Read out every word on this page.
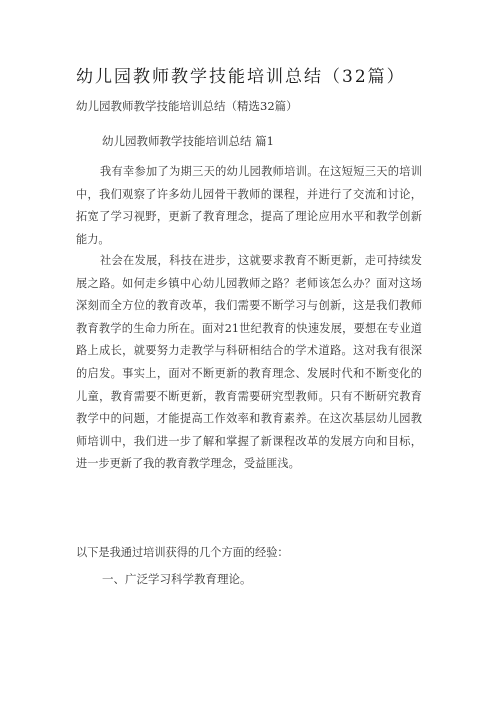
幼儿园教师教学技能培训总结（32篇）
幼儿园教师教学技能培训总结（精选32篇）
幼儿园教师教学技能培训总结 篇1

我有幸参加了为期三天的幼儿园教师培训。在这短短三天的培训中，我们观察了许多幼儿园骨干教师的课程，并进行了交流和讨论，拓宽了学习视野，更新了教育理念，提高了理论应用水平和教学创新能力。

社会在发展，科技在进步，这就要求教育不断更新，走可持续发展之路。如何走乡镇中心幼儿园教师之路？老师该怎么办？面对这场深刻而全方位的教育改革，我们需要不断学习与创新，这是我们教师教育教学的生命力所在。面对21世纪教育的快速发展，要想在专业道路上成长，就要努力走教学与科研相结合的学术道路。这对我有很深的启发。事实上，面对不断更新的教育理念、发展时代和不断变化的儿童，教育需要不断更新，教育需要研究型教师。只有不断研究教育教学中的问题，才能提高工作效率和教育素养。在这次基层幼儿园教师培训中，我们进一步了解和掌握了新课程改革的发展方向和目标，进一步更新了我的教育教学理念，受益匪浅。

以下是我通过培训获得的几个方面的经验：

一、广泛学习科学教育理论。
